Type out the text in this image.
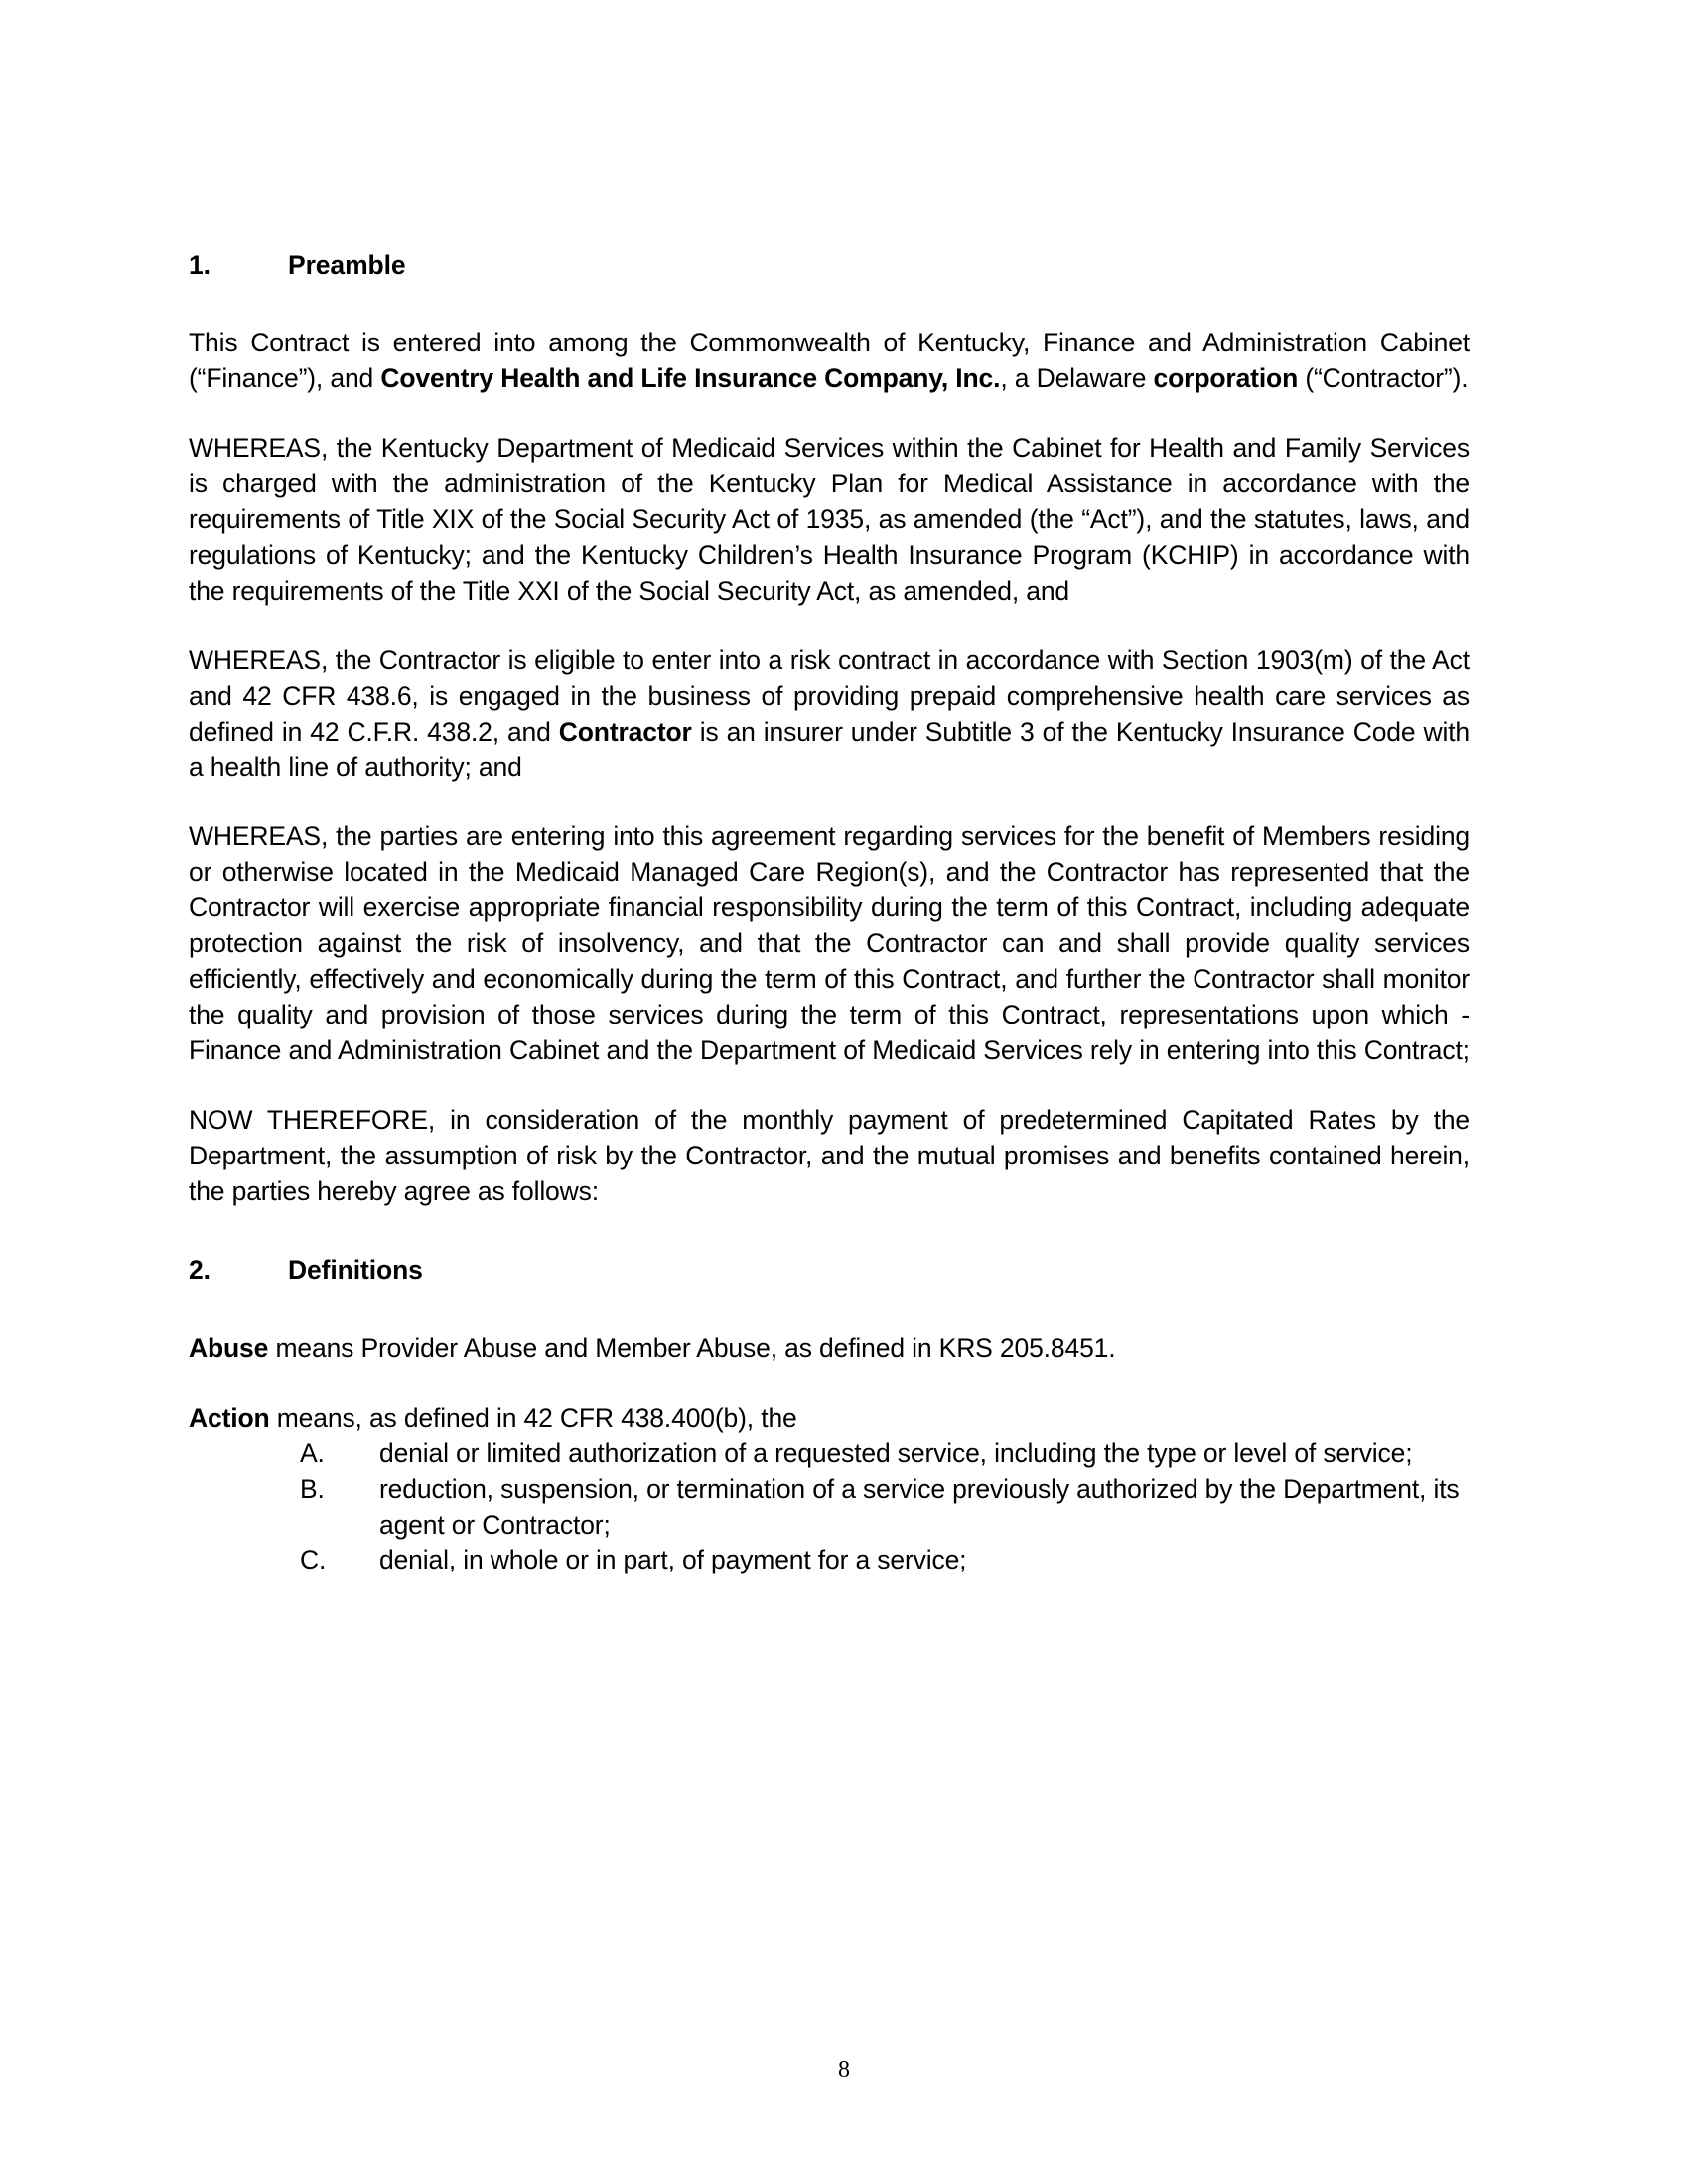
1.	Preamble

This Contract is entered into among the Commonwealth of Kentucky, Finance and Administration Cabinet (“Finance”), and Coventry Health and Life Insurance Company, Inc., a Delaware corporation (“Contractor”).

WHEREAS, the Kentucky Department of Medicaid Services within the Cabinet for Health and Family Services is charged with the administration of the Kentucky Plan for Medical Assistance in accordance with the requirements of Title XIX of the Social Security Act of 1935, as amended (the “Act”), and the statutes, laws, and regulations of Kentucky; and the Kentucky Children’s Health Insurance Program (KCHIP) in accordance with the requirements of the Title XXI of the Social Security Act, as amended, and

WHEREAS, the Contractor is eligible to enter into a risk contract in accordance with Section 1903(m) of the Act and 42 CFR 438.6, is engaged in the business of providing prepaid comprehensive health care services as defined in 42 C.F.R. 438.2, and Contractor is an insurer under Subtitle 3 of the Kentucky Insurance Code with a health line of authority; and

WHEREAS, the parties are entering into this agreement regarding services for the benefit of Members residing or otherwise located in the Medicaid Managed Care Region(s), and the Contractor has represented that the Contractor will exercise appropriate financial responsibility during the term of this Contract, including adequate protection against the risk of insolvency, and that the Contractor can and shall provide quality services efficiently, effectively and economically during the term of this Contract, and further the Contractor shall monitor the quality and provision of those services during the term of this Contract, representations upon which - Finance and Administration Cabinet and the Department of Medicaid Services rely in entering into this Contract;

NOW THEREFORE, in consideration of the monthly payment of predetermined Capitated Rates by the Department, the assumption of risk by the Contractor, and the mutual promises and benefits contained herein, the parties hereby agree as follows:

2.	Definitions

Abuse means Provider Abuse and Member Abuse, as defined in KRS 205.8451.

Action means, as defined in 42 CFR 438.400(b), the

A.	denial or limited authorization of a requested service, including the type or level of service;
B.	reduction, suspension, or termination of a service previously authorized by the Department, its agent or Contractor;
C.	denial, in whole or in part, of payment for a service;
8
